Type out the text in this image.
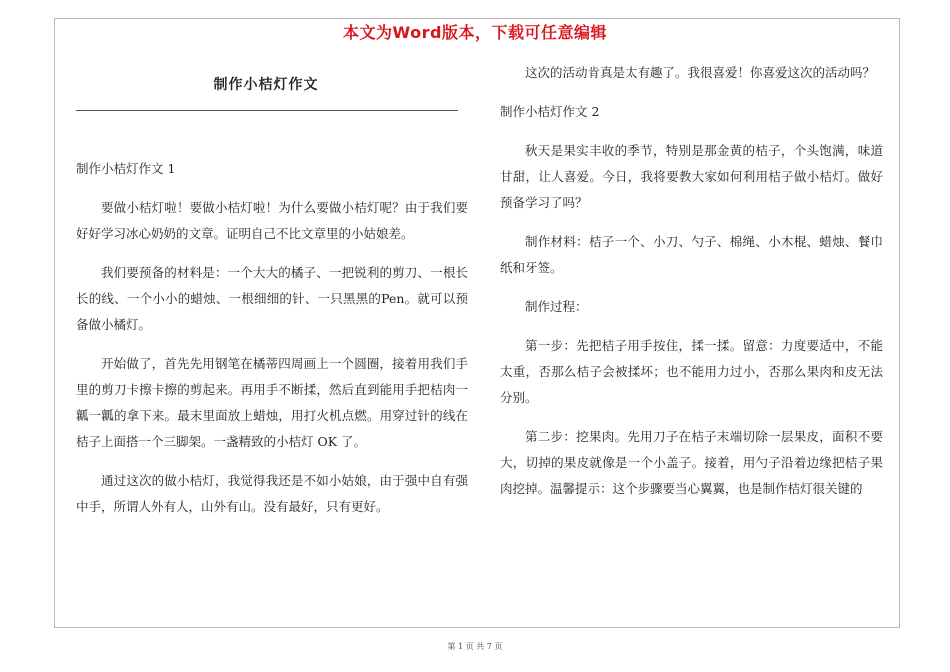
本文为Word版本，下载可任意编辑
制作小桔灯作文

制作小桔灯作文 1

要做小桔灯啦！要做小桔灯啦！为什么要做小桔灯呢？由于我们要好好学习冰心奶奶的文章。证明自己不比文章里的小姑娘差。

我们要预备的材料是：一个大大的橘子、一把锐利的剪刀、一根长长的线、一个小小的蜡烛、一根细细的针、一只黑黑的Pen。就可以预备做小橘灯。

开始做了，首先先用钢笔在橘蒂四周画上一个圆圈，接着用我们手里的剪刀卡擦卡擦的剪起来。再用手不断揉，然后直到能用手把桔肉一瓤一瓤的拿下来。最末里面放上蜡烛，用打火机点燃。用穿过针的线在桔子上面搭一个三脚架。一盏精致的小桔灯 OK 了。

通过这次的做小桔灯，我觉得我还是不如小姑娘，由于强中自有强中手，所谓人外有人，山外有山。没有最好，只有更好。

这次的活动肯真是太有趣了。我很喜爱！你喜爱这次的活动吗？

制作小桔灯作文 2

秋天是果实丰收的季节，特别是那金黄的桔子，个头饱满，味道甘甜，让人喜爱。今日，我将要教大家如何利用桔子做小桔灯。做好预备学习了吗？

制作材料：桔子一个、小刀、勺子、棉绳、小木棍、蜡烛、餐巾纸和牙签。

制作过程：

第一步：先把桔子用手按住，揉一揉。留意：力度要适中，不能太重，否那么桔子会被揉坏；也不能用力过小，否那么果肉和皮无法分别。

第二步：挖果肉。先用刀子在桔子末端切除一层果皮，面积不要大，切掉的果皮就像是一个小盖子。接着，用勺子沿着边缘把桔子果肉挖掉。温馨提示：这个步骤要当心翼翼，也是制作桔灯很关键的

第 1 页 共 7 页
